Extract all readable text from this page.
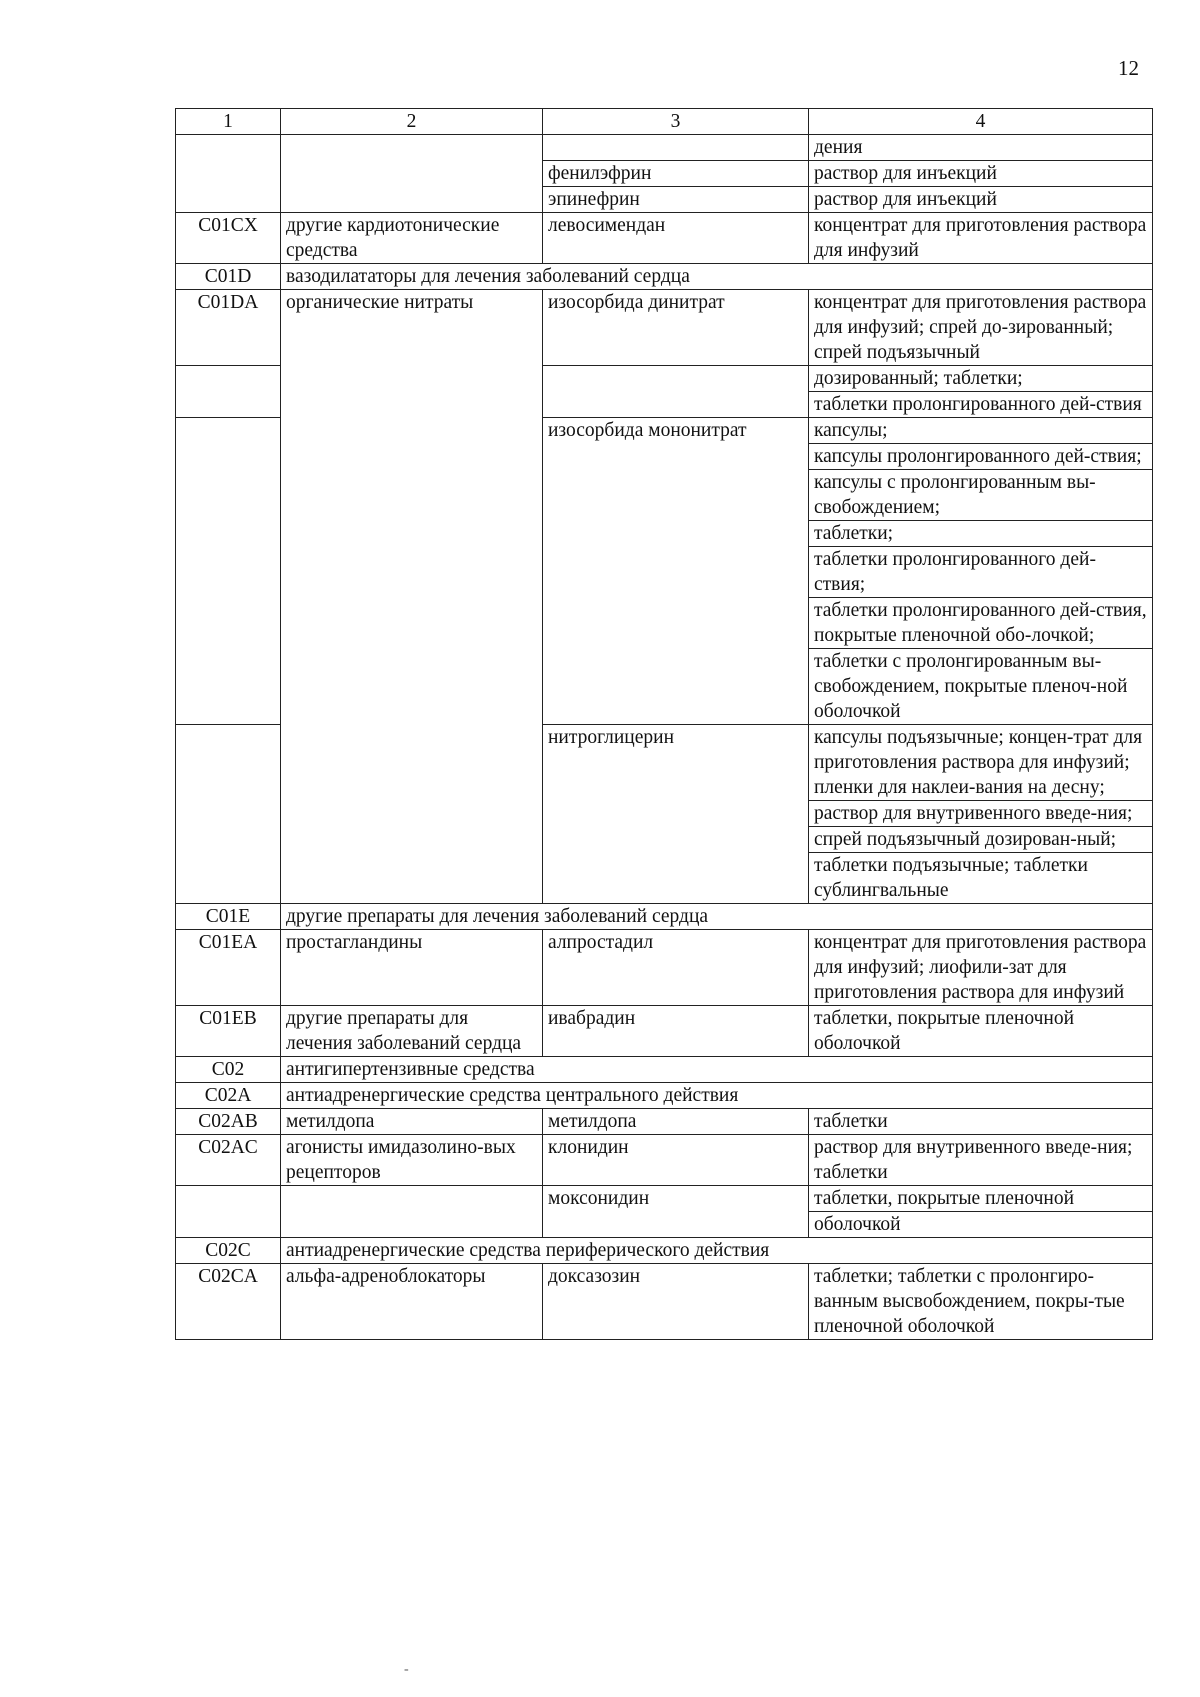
12
1	2	3	4
			дения
		фенилэфрин	раствор для инъекций
		эпинефрин	раствор для инъекций
C01CX	другие кардиотонические средства	левосимендан	концентрат для приготовления раствора для инфузий
C01D	вазодилататоры для лечения заболеваний сердца		
C01DA	органические нитраты	изосорбида динитрат	концентрат для приготовления раствора для инфузий; спрей до-зированный; спрей подъязычный
			дозированный; таблетки;
			таблетки пролонгированного дей-ствия
		изосорбида мононитрат	капсулы;
			капсулы пролонгированного дей-ствия;
			капсулы с пролонгированным вы-свобождением;
			таблетки;
			таблетки пролонгированного дей-ствия;
			таблетки пролонгированного дей-ствия, покрытые пленочной обо-лочкой;
			таблетки с пролонгированным вы-свобождением, покрытые пленоч-ной оболочкой
		нитроглицерин	капсулы подъязычные; концен-трат для приготовления раствора для инфузий; пленки для наклеи-вания на десну;
			раствор для внутривенного введе-ния;
			спрей подъязычный дозирован-ный;
			таблетки подъязычные; таблетки сублингвальные
C01E	другие препараты для лечения заболеваний сердца		
C01EA	простагландины	алпростадил	концентрат для приготовления раствора для инфузий; лиофили-зат для приготовления раствора для инфузий
C01EB	другие препараты для лечения заболеваний сердца	ивабрадин	таблетки, покрытые пленочной оболочкой
C02	антигипертензивные средства		
C02A	антиадренергические средства центрального действия		
C02AB	метилдопа	метилдопа	таблетки
C02AC	агонисты имидазолино-вых рецепторов	клонидин	раствор для внутривенного введе-ния; таблетки
		моксонидин	таблетки, покрытые пленочной
			оболочкой
C02C	антиадренергические средства периферического действия		
C02CA	альфа-адреноблокаторы	доксазозин	таблетки; таблетки с пролонгиро-ванным высвобождением, покры-тые пленочной оболочкой
-
